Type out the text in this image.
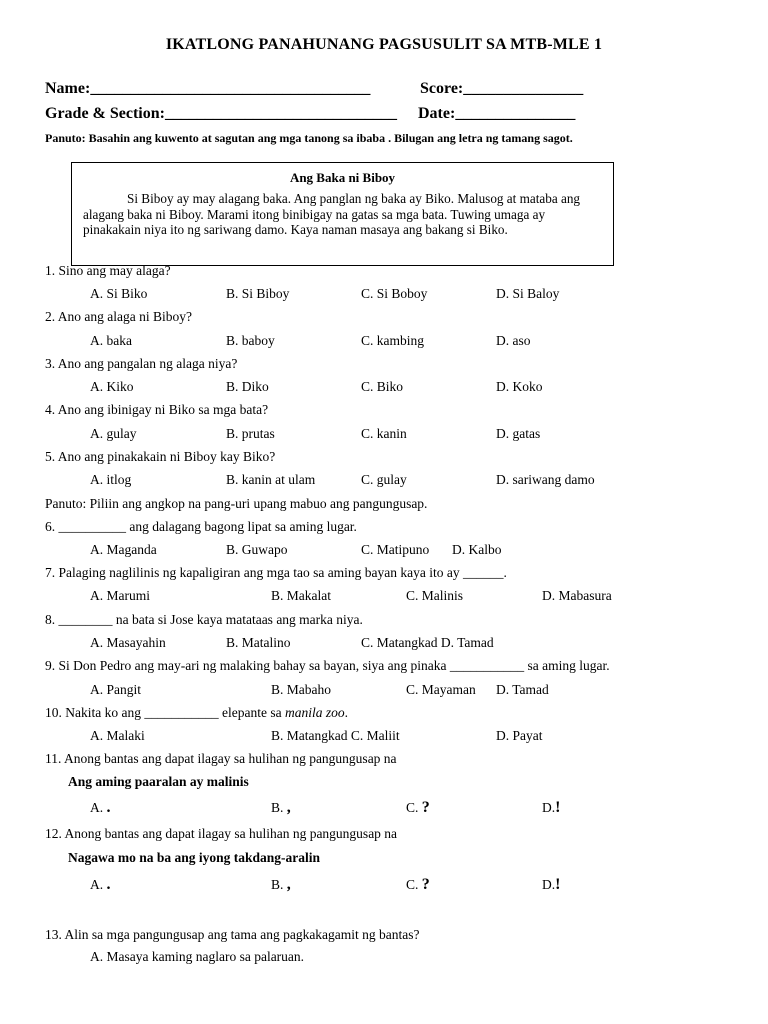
IKATLONG PANAHUNANG PAGSUSULIT SA MTB-MLE 1
Name:___________________________________	Score:_______________
Grade & Section:_____________________________ Date:_______________
Panuto: Basahin ang kuwento at sagutan ang mga tanong sa ibaba . Bilugan ang letra ng tamang sagot.
Ang Baka ni Biboy
Si Biboy ay may alagang baka. Ang panglan ng baka ay Biko. Malusog at mataba ang alagang baka ni Biboy. Marami itong binibigay na gatas sa mga bata. Tuwing umaga ay pinakakain niya ito ng sariwang damo. Kaya naman masaya ang bakang si Biko.
1. Sino ang may alaga?
A. Si Biko	B. Si Biboy	C. Si Boboy	D. Si Baloy
2. Ano ang alaga ni Biboy?
A. baka	B. baboy	C. kambing	D. aso
3. Ano ang pangalan ng alaga niya?
A. Kiko	B. Diko	C. Biko	D. Koko
4. Ano ang ibinigay ni Biko sa mga bata?
A. gulay	B. prutas	C. kanin	D. gatas
5. Ano ang pinakakain ni Biboy kay Biko?
A. itlog	B. kanin at ulam	C. gulay	D. sariwang damo
Panuto: Piliin ang angkop na pang-uri upang mabuo ang pangungusap.
6. __________ ang dalagang bagong lipat sa aming lugar.
A. Maganda	B. Guwapo	C. Matipuno D. Kalbo
7. Palaging naglilinis ng kapaligiran ang mga tao sa aming bayan kaya ito ay ______.
A. Marumi	B. Makalat	C. Malinis	D. Mabasura
8. ________ na bata si Jose kaya matataas ang marka niya.
A. Masayahin	B. Matalino	C. Matangkad D. Tamad
9. Si Don Pedro ang may-ari ng malaking bahay sa bayan, siya ang pinaka ___________ sa aming lugar.
A. Pangit	B. Mabaho	C. Mayaman D. Tamad
10. Nakita ko ang ___________ elepante sa manila zoo.
A. Malaki	B. Matangkad C. Maliit	D. Payat
11. Anong bantas ang dapat ilagay sa hulihan ng pangungusap na
Ang aming paaralan ay malinis
A. .	B. ,	C. ?	D.!
12. Anong bantas ang dapat ilagay sa hulihan ng pangungusap na
Nagawa mo na ba ang iyong takdang-aralin
A. .	B. ,	C. ?	D.!
13. Alin sa mga pangungusap ang tama ang pagkakagamit ng bantas?
A. Masaya kaming naglaro sa palaruan.
